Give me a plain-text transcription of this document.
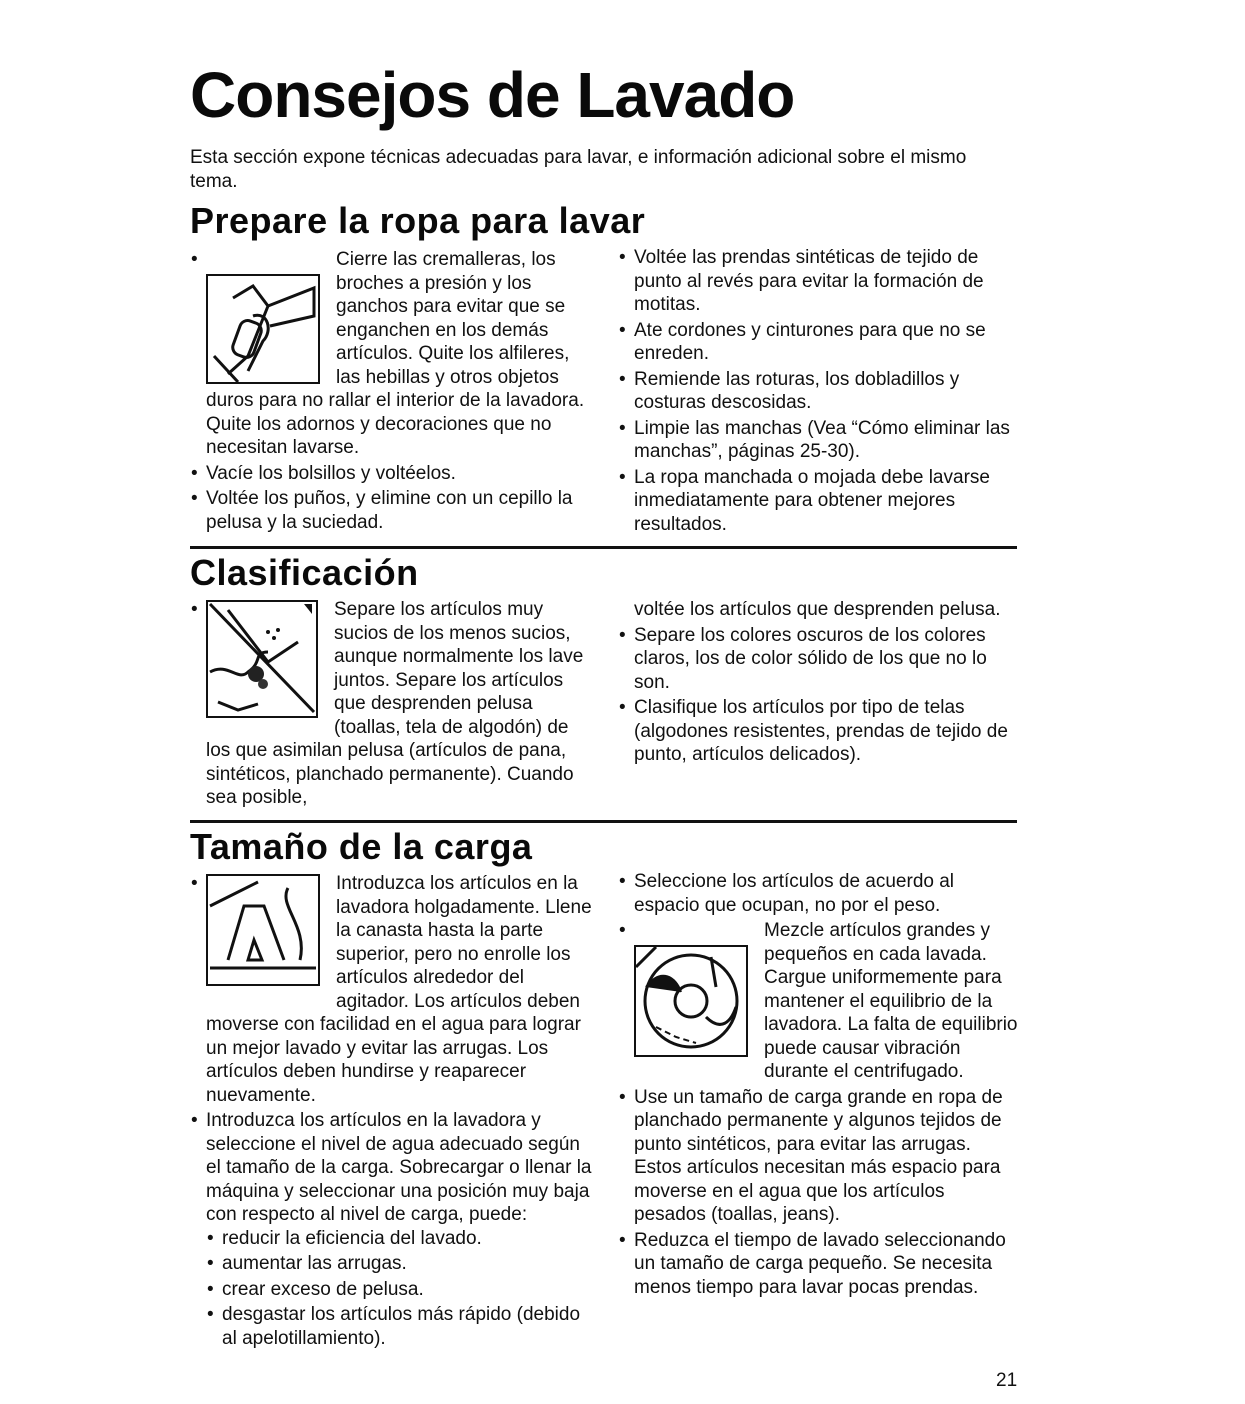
Consejos de Lavado

Esta sección expone técnicas adecuadas para lavar, e información adicional sobre el mismo tema.

Prepare la ropa para lavar
• Cierre las cremalleras, los broches a presión y los ganchos para evitar que se enganchen en los demás artículos. Quite los alfileres, las hebillas y otros objetos duros para no rallar el interior de la lavadora. Quite los adornos y decoraciones que no necesitan lavarse.
• Vacíe los bolsillos y voltéelos.
• Voltée los puños, y elimine con un cepillo la pelusa y la suciedad.
• Voltée las prendas sintéticas de tejido de punto al revés para evitar la formación de motitas.
• Ate cordones y cinturones para que no se enreden.
• Remiende las roturas, los dobladillos y costuras descosidas.
• Limpie las manchas (Vea “Cómo eliminar las manchas”, páginas 25-30).
• La ropa manchada o mojada debe lavarse inmediatamente para obtener mejores resultados.
Clasificación
• Separe los artículos muy sucios de los menos sucios, aunque normalmente los lave juntos. Separe los artículos que desprenden pelusa (toallas, tela de algodón) de los que asimilan pelusa (artículos de pana, sintéticos, planchado permanente). Cuando sea posible,

voltée los artículos que desprenden pelusa.

• Separe los colores oscuros de los colores claros, los de color sólido de los que no lo son.
• Clasifique los artículos por tipo de telas (algodones resistentes, prendas de tejido de punto, artículos delicados).
Tamaño de la carga
• Introduzca los artículos en la lavadora holgadamente. Llene la canasta hasta la parte superior, pero no enrolle los artículos alrededor del agitador. Los artículos deben moverse con facilidad en el agua para lograr un mejor lavado y evitar las arrugas. Los artículos deben hundirse y reaparecer nuevamente.
• Introduzca los artículos en la lavadora y seleccione el nivel de agua adecuado según el tamaño de la carga. Sobrecargar o llenar la máquina y seleccionar una posición muy baja con respecto al nivel de carga, puede:
• reducir la eficiencia del lavado.
• aumentar las arrugas.
• crear exceso de pelusa.
• desgastar los artículos más rápido (debido al apelotillamiento).
• Seleccione los artículos de acuerdo al espacio que ocupan, no por el peso.
• Mezcle artículos grandes y pequeños en cada lavada. Cargue uniformemente para mantener el equilibrio de la lavadora. La falta de equilibrio puede causar vibración durante el centrifugado.
• Use un tamaño de carga grande en ropa de planchado permanente y algunos tejidos de punto sintéticos, para evitar las arrugas. Estos artículos necesitan más espacio para moverse en el agua que los artículos pesados (toallas, jeans).
• Reduzca el tiempo de lavado seleccionando un tamaño de carga pequeño. Se necesita menos tiempo para lavar pocas prendas.
21
